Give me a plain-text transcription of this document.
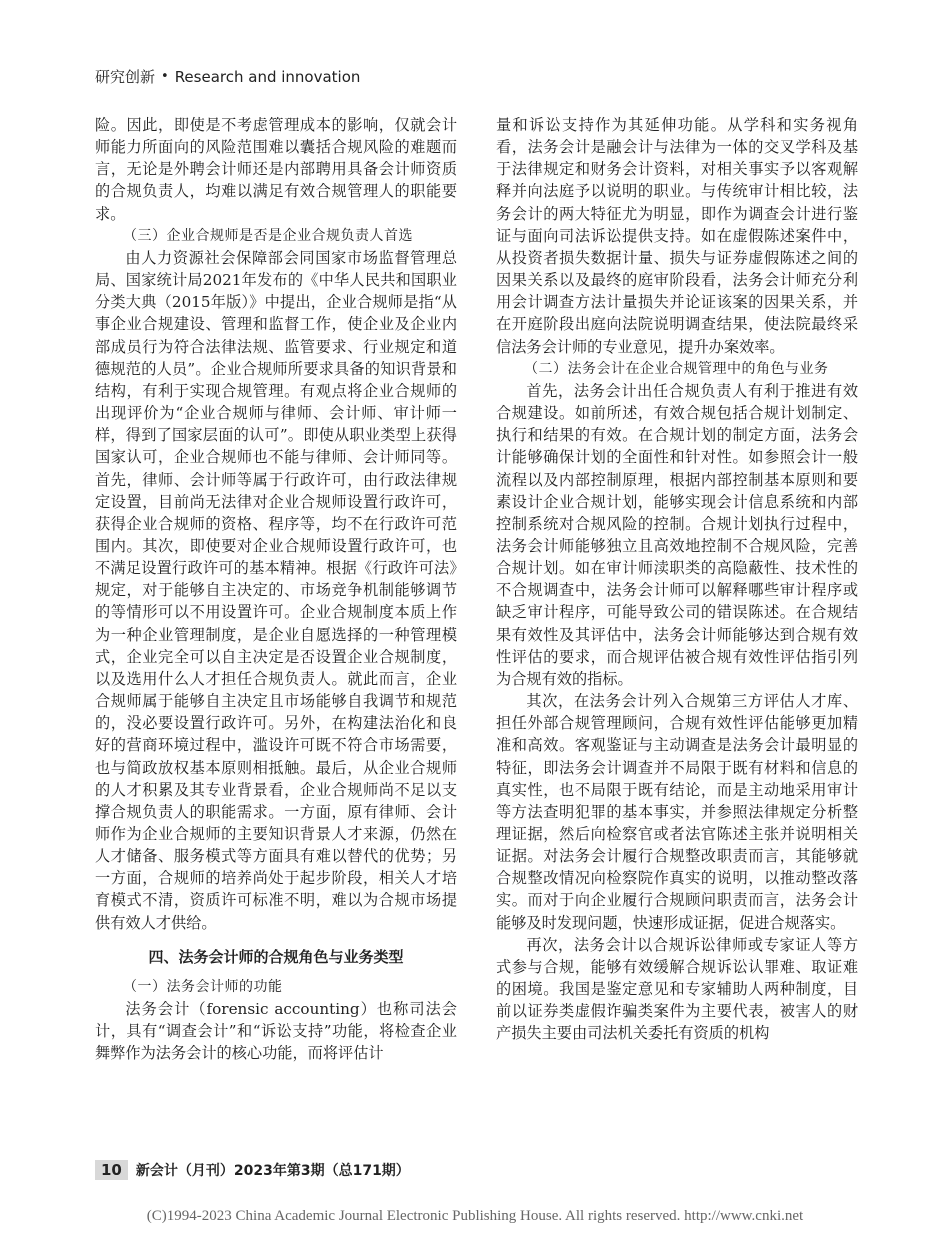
研究创新 • Research and innovation

险。因此，即使是不考虑管理成本的影响，仅就会计师能力所面向的风险范围难以囊括合规风险的难题而言，无论是外聘会计师还是内部聘用具备会计师资质的合规负责人，均难以满足有效合规管理人的职能要求。

（三）企业合规师是否是企业合规负责人首选

由人力资源社会保障部会同国家市场监督管理总局、国家统计局2021年发布的《中华人民共和国职业分类大典（2015年版）》中提出，企业合规师是指“从事企业合规建设、管理和监督工作，使企业及企业内部成员行为符合法律法规、监管要求、行业规定和道德规范的人员”。企业合规师所要求具备的知识背景和结构，有利于实现合规管理。有观点将企业合规师的出现评价为“企业合规师与律师、会计师、审计师一样，得到了国家层面的认可”。即使从职业类型上获得国家认可，企业合规师也不能与律师、会计师同等。首先，律师、会计师等属于行政许可，由行政法律规定设置，目前尚无法律对企业合规师设置行政许可，获得企业合规师的资格、程序等，均不在行政许可范围内。其次，即使要对企业合规师设置行政许可，也不满足设置行政许可的基本精神。根据《行政许可法》规定，对于能够自主决定的、市场竞争机制能够调节的等情形可以不用设置许可。企业合规制度本质上作为一种企业管理制度，是企业自愿选择的一种管理模式，企业完全可以自主决定是否设置企业合规制度，以及选用什么人才担任合规负责人。就此而言，企业合规师属于能够自主决定且市场能够自我调节和规范的，没必要设置行政许可。另外，在构建法治化和良好的营商环境过程中，滥设许可既不符合市场需要，也与简政放权基本原则相抵触。最后，从企业合规师的人才积累及其专业背景看，企业合规师尚不足以支撑合规负责人的职能需求。一方面，原有律师、会计师作为企业合规师的主要知识背景人才来源，仍然在人才储备、服务模式等方面具有难以替代的优势；另一方面，合规师的培养尚处于起步阶段，相关人才培育模式不清，资质许可标准不明，难以为合规市场提供有效人才供给。

四、法务会计师的合规角色与业务类型
（一）法务会计师的功能

法务会计（forensic accounting）也称司法会计，具有“调查会计”和“诉讼支持”功能，将检查企业舞弊作为法务会计的核心功能，而将评估计

量和诉讼支持作为其延伸功能。从学科和实务视角看，法务会计是融会计与法律为一体的交叉学科及基于法律规定和财务会计资料，对相关事实予以客观解释并向法庭予以说明的职业。与传统审计相比较，法务会计的两大特征尤为明显，即作为调查会计进行鉴证与面向司法诉讼提供支持。如在虚假陈述案件中，从投资者损失数据计量、损失与证券虚假陈述之间的因果关系以及最终的庭审阶段看，法务会计师充分利用会计调查方法计量损失并论证该案的因果关系，并在开庭阶段出庭向法院说明调查结果，使法院最终采信法务会计师的专业意见，提升办案效率。

（二）法务会计在企业合规管理中的角色与业务

首先，法务会计出任合规负责人有利于推进有效合规建设。如前所述，有效合规包括合规计划制定、执行和结果的有效。在合规计划的制定方面，法务会计能够确保计划的全面性和针对性。如参照会计一般流程以及内部控制原理，根据内部控制基本原则和要素设计企业合规计划，能够实现会计信息系统和内部控制系统对合规风险的控制。合规计划执行过程中，法务会计师能够独立且高效地控制不合规风险，完善合规计划。如在审计师渎职类的高隐蔽性、技术性的不合规调查中，法务会计师可以解释哪些审计程序或缺乏审计程序，可能导致公司的错误陈述。在合规结果有效性及其评估中，法务会计师能够达到合规有效性评估的要求，而合规评估被合规有效性评估指引列为合规有效的指标。

其次，在法务会计列入合规第三方评估人才库、担任外部合规管理顾问，合规有效性评估能够更加精准和高效。客观鉴证与主动调查是法务会计最明显的特征，即法务会计调查并不局限于既有材料和信息的真实性，也不局限于既有结论，而是主动地采用审计等方法查明犯罪的基本事实，并参照法律规定分析整理证据，然后向检察官或者法官陈述主张并说明相关证据。对法务会计履行合规整改职责而言，其能够就合规整改情况向检察院作真实的说明，以推动整改落实。而对于向企业履行合规顾问职责而言，法务会计能够及时发现问题，快速形成证据，促进合规落实。

再次，法务会计以合规诉讼律师或专家证人等方式参与合规，能够有效缓解合规诉讼认罪难、取证难的困境。我国是鉴定意见和专家辅助人两种制度，目前以证券类虚假诈骗类案件为主要代表，被害人的财产损失主要由司法机关委托有资质的机构

10	新会计（月刊）2023年第3期（总171期）
(C)1994-2023 China Academic Journal Electronic Publishing House. All rights reserved. http://www.cnki.net
